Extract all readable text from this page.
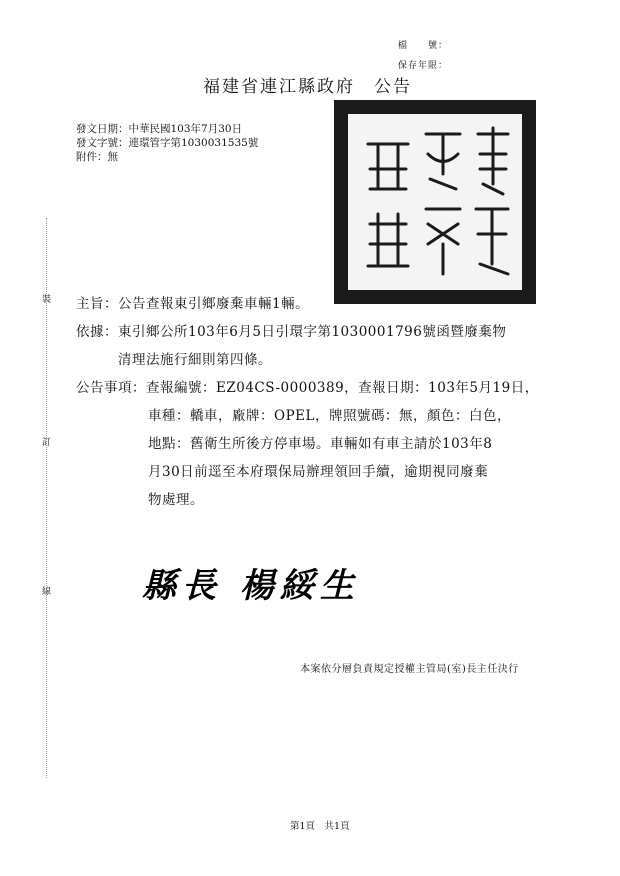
檔　　號：
保存年限：
福建省連江縣政府　公告
發文日期：中華民國103年7月30日
發文字號：連環管字第1030031535號
附件：無
裝
訂
線
主旨：公告查報東引鄉廢棄車輛1輛。
依據：東引鄉公所103年6月5日引環字第1030001796號函暨廢棄物
清理法施行細則第四條。
公告事項：查報編號：EZ04CS-0000389，查報日期：103年5月19日，
車種：轎車，廠牌：OPEL，牌照號碼：無，顏色：白色，
地點：舊衛生所後方停車場。車輛如有車主請於103年8
月30日前逕至本府環保局辦理領回手續，逾期視同廢棄
物處理。
縣長 楊綏生
本案依分層負責規定授權主管局(室)長主任決行
第1頁　共1頁
